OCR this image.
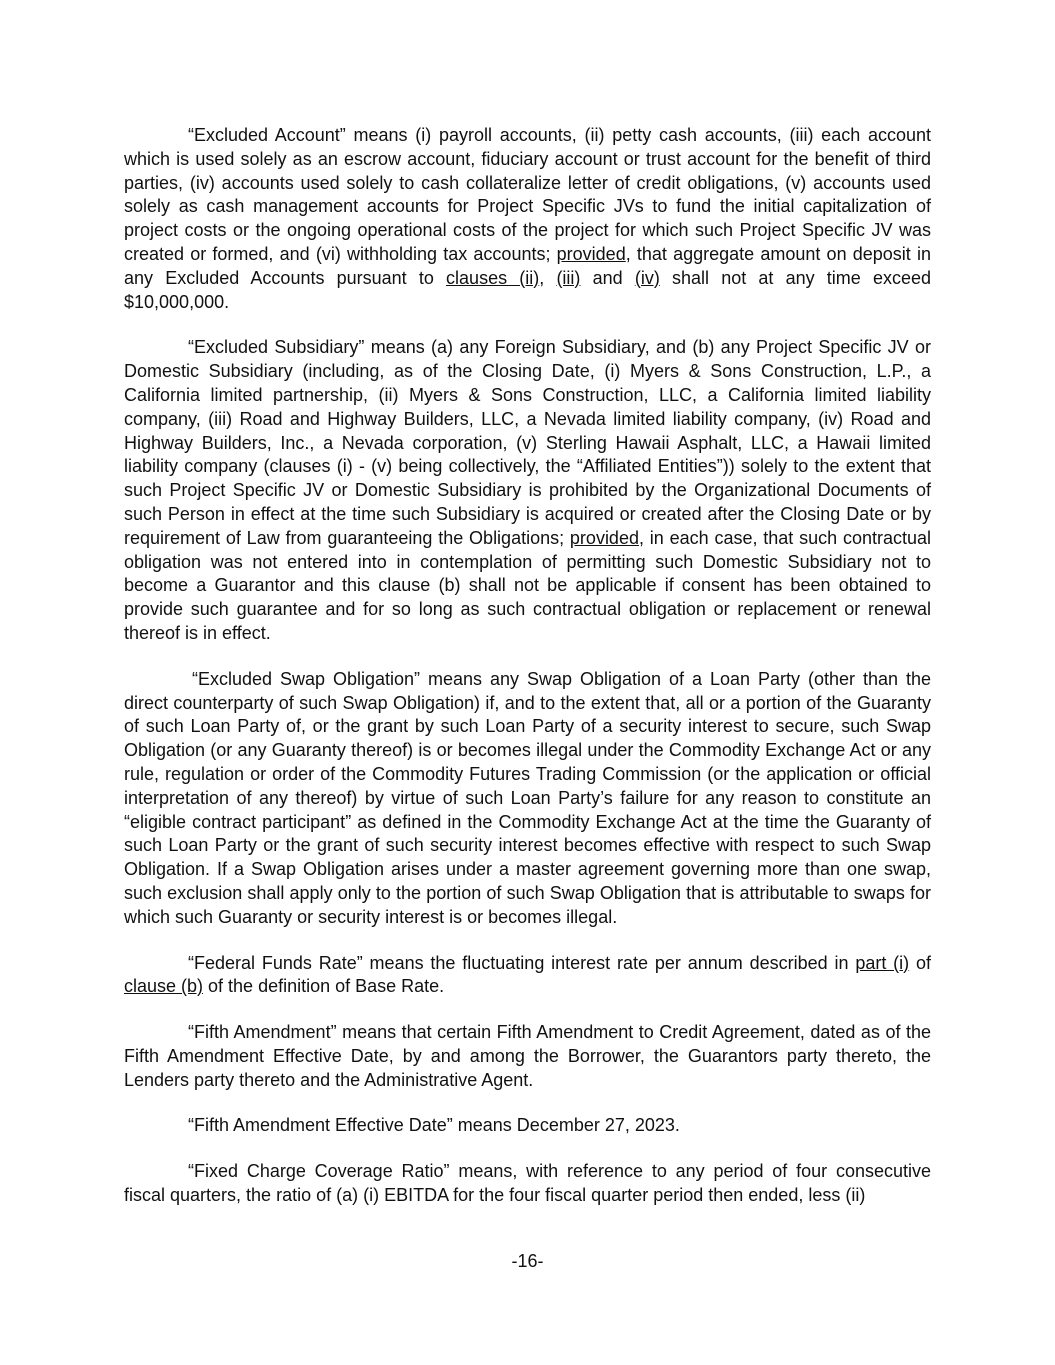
“Excluded Account” means (i) payroll accounts, (ii) petty cash accounts, (iii) each account which is used solely as an escrow account, fiduciary account or trust account for the benefit of third parties, (iv) accounts used solely to cash collateralize letter of credit obligations, (v) accounts used solely as cash management accounts for Project Specific JVs to fund the initial capitalization of project costs or the ongoing operational costs of the project for which such Project Specific JV was created or formed, and (vi) withholding tax accounts; provided, that aggregate amount on deposit in any Excluded Accounts pursuant to clauses (ii), (iii) and (iv) shall not at any time exceed $10,000,000.

“Excluded Subsidiary” means (a) any Foreign Subsidiary, and (b) any Project Specific JV or Domestic Subsidiary (including, as of the Closing Date, (i) Myers & Sons Construction, L.P., a California limited partnership, (ii) Myers & Sons Construction, LLC, a California limited liability company, (iii) Road and Highway Builders, LLC, a Nevada limited liability company, (iv) Road and Highway Builders, Inc., a Nevada corporation, (v) Sterling Hawaii Asphalt, LLC, a Hawaii limited liability company (clauses (i) - (v) being collectively, the “Affiliated Entities”)) solely to the extent that such Project Specific JV or Domestic Subsidiary is prohibited by the Organizational Documents of such Person in effect at the time such Subsidiary is acquired or created after the Closing Date or by requirement of Law from guaranteeing the Obligations; provided, in each case, that such contractual obligation was not entered into in contemplation of permitting such Domestic Subsidiary not to become a Guarantor and this clause (b) shall not be applicable if consent has been obtained to provide such guarantee and for so long as such contractual obligation or replacement or renewal thereof is in effect.

“Excluded Swap Obligation” means any Swap Obligation of a Loan Party (other than the direct counterparty of such Swap Obligation) if, and to the extent that, all or a portion of the Guaranty of such Loan Party of, or the grant by such Loan Party of a security interest to secure, such Swap Obligation (or any Guaranty thereof) is or becomes illegal under the Commodity Exchange Act or any rule, regulation or order of the Commodity Futures Trading Commission (or the application or official interpretation of any thereof) by virtue of such Loan Party’s failure for any reason to constitute an “eligible contract participant” as defined in the Commodity Exchange Act at the time the Guaranty of such Loan Party or the grant of such security interest becomes effective with respect to such Swap Obligation. If a Swap Obligation arises under a master agreement governing more than one swap, such exclusion shall apply only to the portion of such Swap Obligation that is attributable to swaps for which such Guaranty or security interest is or becomes illegal.

“Federal Funds Rate” means the fluctuating interest rate per annum described in part (i) of clause (b) of the definition of Base Rate.

“Fifth Amendment” means that certain Fifth Amendment to Credit Agreement, dated as of the Fifth Amendment Effective Date, by and among the Borrower, the Guarantors party thereto, the Lenders party thereto and the Administrative Agent.

“Fifth Amendment Effective Date” means December 27, 2023.

“Fixed Charge Coverage Ratio” means, with reference to any period of four consecutive fiscal quarters, the ratio of (a) (i) EBITDA for the four fiscal quarter period then ended, less (ii)

-16-
